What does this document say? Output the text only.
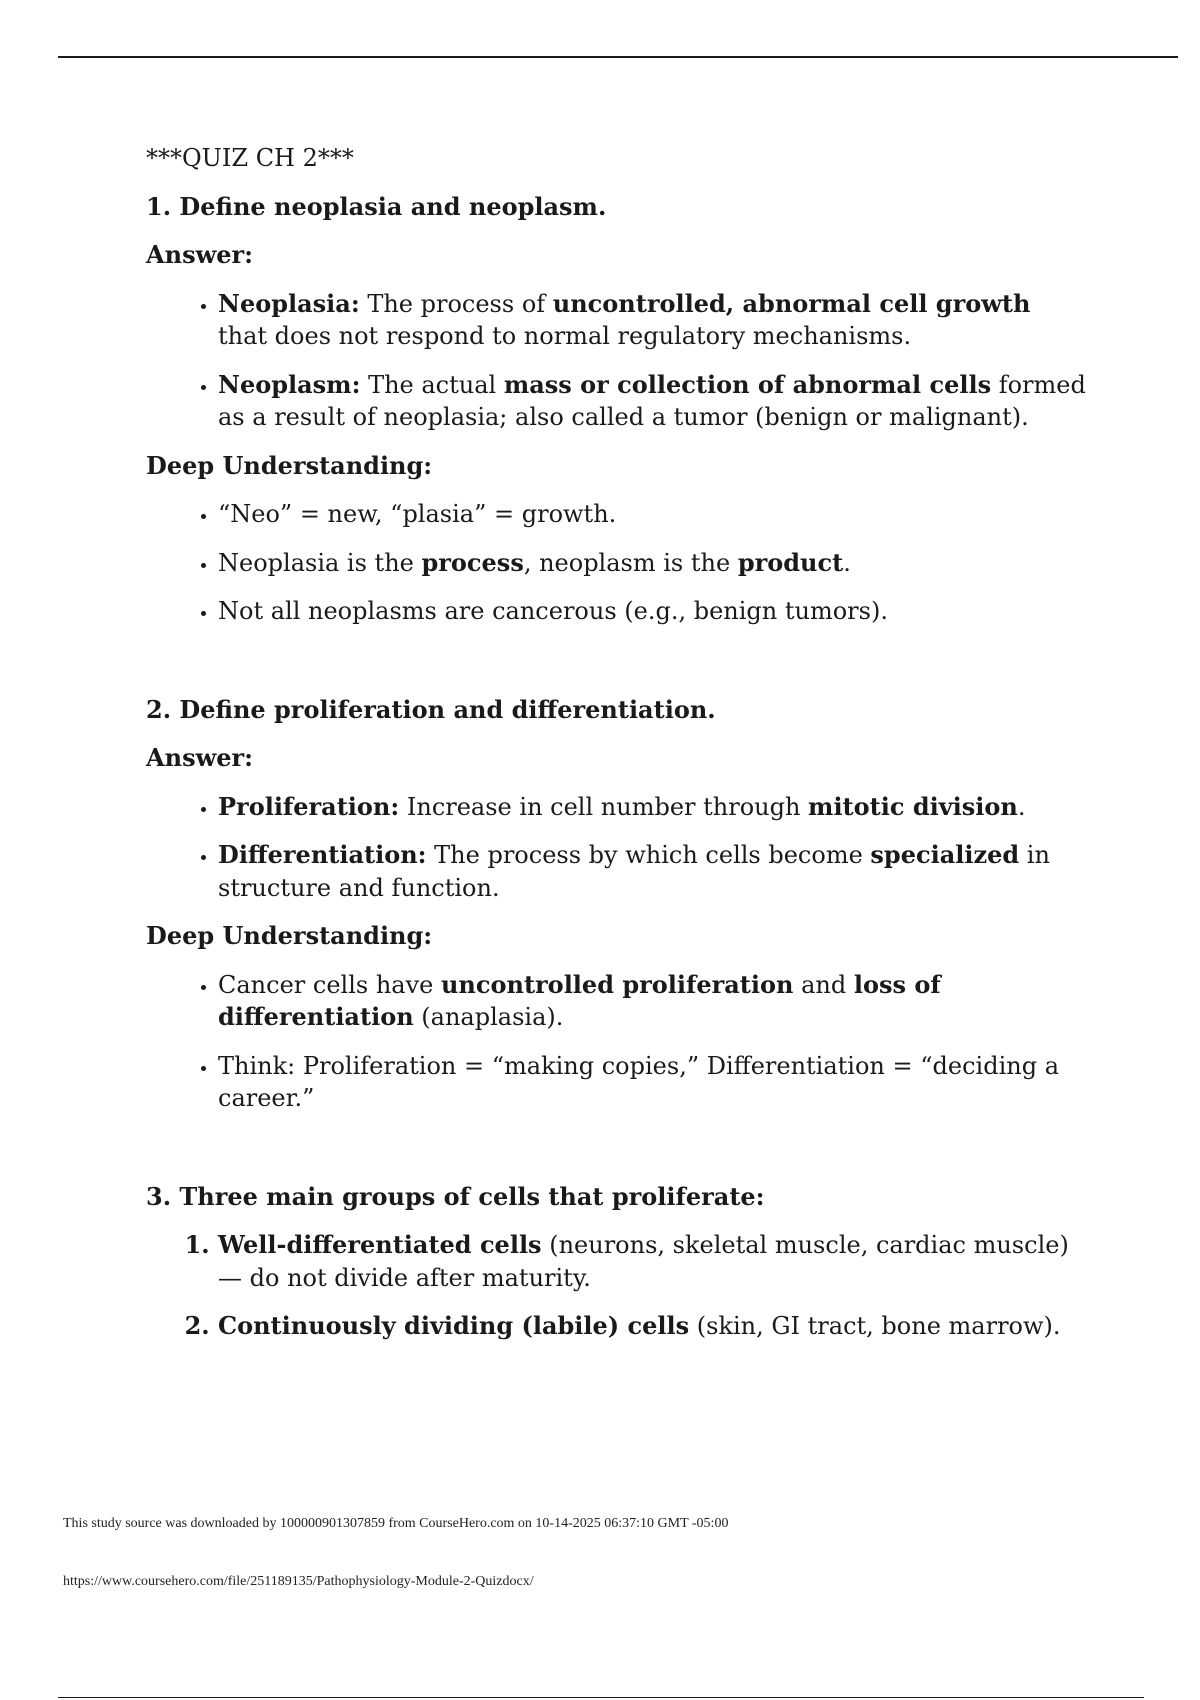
***QUIZ CH 2***
1. Define neoplasia and neoplasm.
Answer:
• Neoplasia: The process of uncontrolled, abnormal cell growth that does not respond to normal regulatory mechanisms.
• Neoplasm: The actual mass or collection of abnormal cells formed as a result of neoplasia; also called a tumor (benign or malignant).
Deep Understanding:
• “Neo” = new, “plasia” = growth.
• Neoplasia is the process, neoplasm is the product.
• Not all neoplasms are cancerous (e.g., benign tumors).
2. Define proliferation and differentiation.
Answer:
• Proliferation: Increase in cell number through mitotic division.
• Differentiation: The process by which cells become specialized in structure and function.
Deep Understanding:
• Cancer cells have uncontrolled proliferation and loss of differentiation (anaplasia).
• Think: Proliferation = “making copies,” Differentiation = “deciding a career.”
3. Three main groups of cells that proliferate:
1. Well-differentiated cells (neurons, skeletal muscle, cardiac muscle) — do not divide after maturity.
2. Continuously dividing (labile) cells (skin, GI tract, bone marrow).
This study source was downloaded by 100000901307859 from CourseHero.com on 10-14-2025 06:37:10 GMT -05:00
https://www.coursehero.com/file/251189135/Pathophysiology-Module-2-Quizdocx/
